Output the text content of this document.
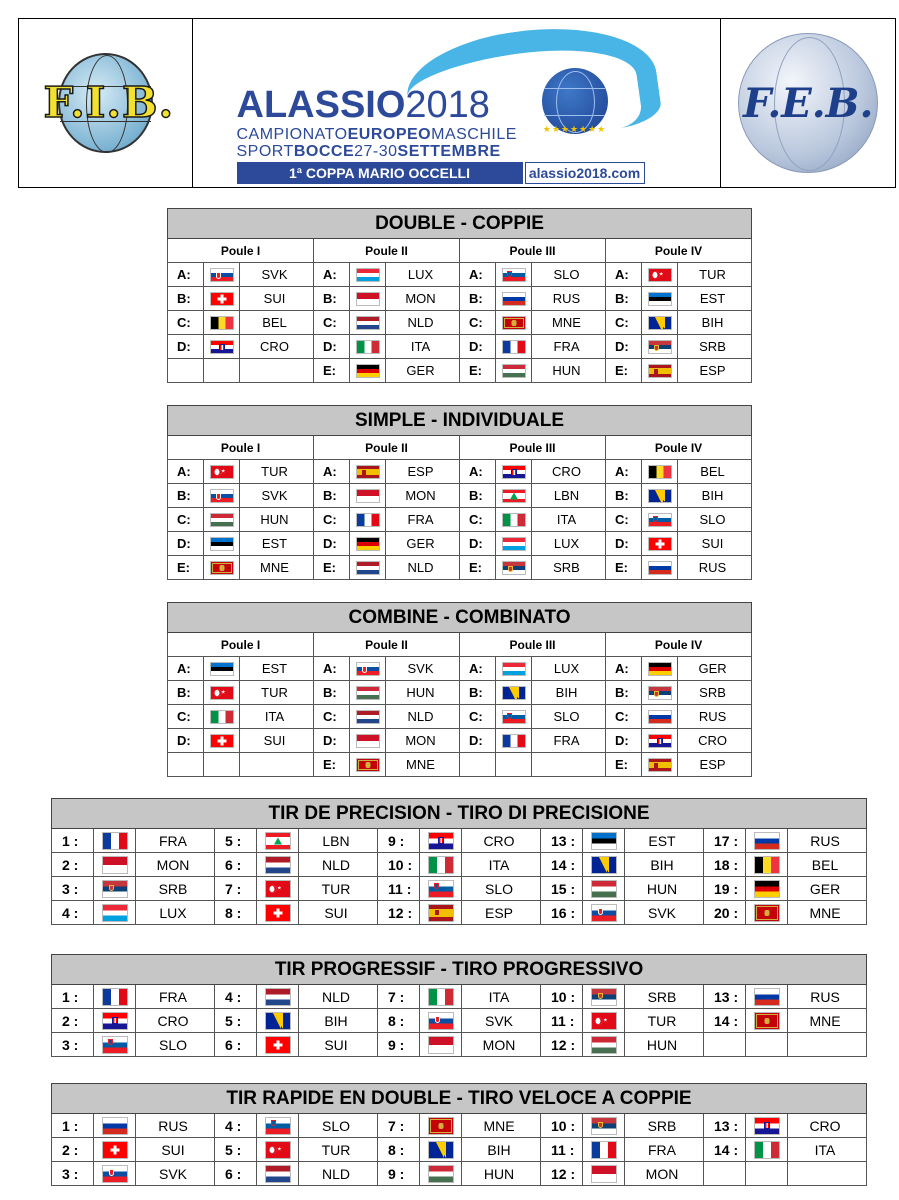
F.I.B.
★★★★★★★
ALASSIO2018
CAMPIONATOEUROPEOMASCHILE
SPORTBOCCE27-30SETTEMBRE
1ª COPPA MARIO OCCELLI	alassio2018.com
F.E.B.
DOUBLE - COPPIE											
Poule I			Poule II			Poule III			Poule IV		
A:		SVK	A:		LUX	A:		SLO	A:	★	TUR
B:		SUI	B:		MON	B:		RUS	B:		EST
C:		BEL	C:		NLD	C:		MNE	C:		BIH
D:		CRO	D:		ITA	D:		FRA	D:		SRB
			E:		GER	E:		HUN	E:		ESP
SIMPLE - INDIVIDUALE											
Poule I			Poule II			Poule III			Poule IV		
A:	★	TUR	A:		ESP	A:		CRO	A:		BEL
B:		SVK	B:		MON	B:		LBN	B:		BIH
C:		HUN	C:		FRA	C:		ITA	C:		SLO
D:		EST	D:		GER	D:		LUX	D:		SUI
E:		MNE	E:		NLD	E:		SRB	E:		RUS
COMBINE - COMBINATO											
Poule I			Poule II			Poule III			Poule IV		
A:		EST	A:		SVK	A:		LUX	A:		GER
B:	★	TUR	B:		HUN	B:		BIH	B:		SRB
C:		ITA	C:		NLD	C:		SLO	C:		RUS
D:		SUI	D:		MON	D:		FRA	D:		CRO
			E:		MNE				E:		ESP
TIR DE PRECISION - TIRO DI PRECISIONE														
1 :		FRA	5 :		LBN	9 :		CRO	13 :		EST	17 :		RUS
2 :		MON	6 :		NLD	10 :		ITA	14 :		BIH	18 :		BEL
3 :		SRB	7 :	★	TUR	11 :		SLO	15 :		HUN	19 :		GER
4 :		LUX	8 :		SUI	12 :		ESP	16 :		SVK	20 :		MNE
TIR PROGRESSIF - TIRO PROGRESSIVO														
1 :		FRA	4 :		NLD	7 :		ITA	10 :		SRB	13 :		RUS
2 :		CRO	5 :		BIH	8 :		SVK	11 :	★	TUR	14 :		MNE
3 :		SLO	6 :		SUI	9 :		MON	12 :		HUN			
TIR RAPIDE EN DOUBLE - TIRO VELOCE A COPPIE														
1 :		RUS	4 :		SLO	7 :		MNE	10 :		SRB	13 :		CRO
2 :		SUI	5 :	★	TUR	8 :		BIH	11 :		FRA	14 :		ITA
3 :		SVK	6 :		NLD	9 :		HUN	12 :		MON			
